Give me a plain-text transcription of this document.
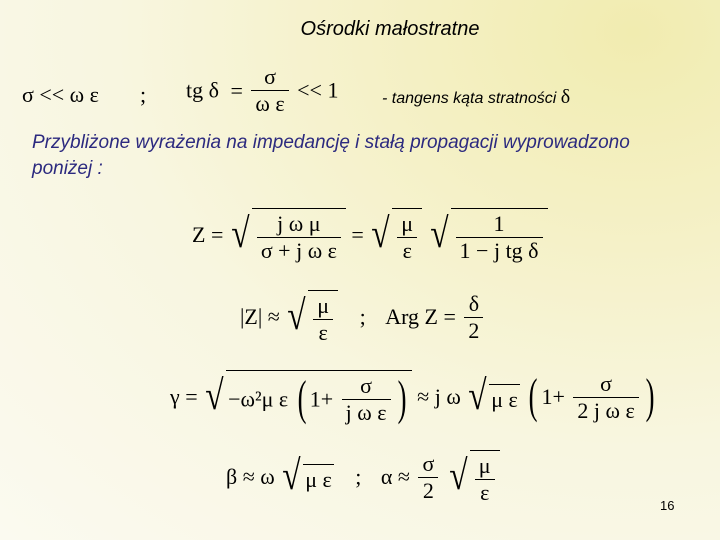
Ośrodki małostratne
σ << ω ε ; tg $\delta = \frac{\sigma}{\text{ω ε}} << 1$	- tangens kąta stratności δ
Przybliżone wyrażenia na impedancję i stałą propagacji wyprowadzono poniżej :
Z = √ $\frac{\text{j ω μ}}{\text{σ + j ω ε}}$ = √ $\frac{\mu}{\varepsilon}$ √ $\frac{1}{\text{1 − j tg δ}}$
|Z| ≈ √ $\frac{\mu}{\varepsilon}$ ; Arg $Z = \frac{\delta}{2}$
γ = √ −ω²μ ε ( $1+ \frac{\sigma}{\text{j ω ε}}$ ) ≈ j ω √ μ ε ( $1+ \frac{\sigma}{\text{2 j ω ε}}$ )
β ≈ ω √ μ ε ; $\alpha \approx \frac{\sigma}{2}$ √ $\frac{\mu}{\varepsilon}$
16
